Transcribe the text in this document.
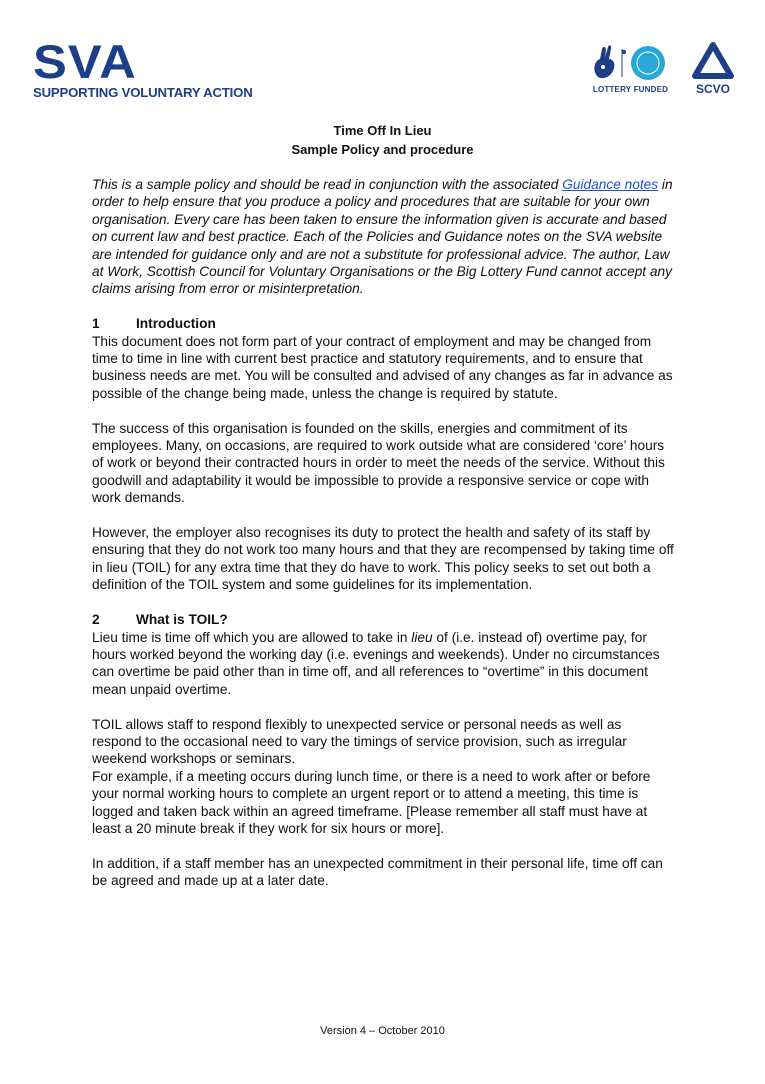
SVA
SUPPORTING VOLUNTARY ACTION	LOTTERY FUNDED	SCVO
Time Off In Lieu
Sample Policy and procedure

This is a sample policy and should be read in conjunction with the associated Guidance notes in order to help ensure that you produce a policy and procedures that are suitable for your own organisation. Every care has been taken to ensure the information given is accurate and based on current law and best practice. Each of the Policies and Guidance notes on the SVA website are intended for guidance only and are not a substitute for professional advice. The author, Law at Work, Scottish Council for Voluntary Organisations or the Big Lottery Fund cannot accept any claims arising from error or misinterpretation.

1	Introduction

This document does not form part of your contract of employment and may be changed from time to time in line with current best practice and statutory requirements, and to ensure that business needs are met. You will be consulted and advised of any changes as far in advance as possible of the change being made, unless the change is required by statute.

The success of this organisation is founded on the skills, energies and commitment of its employees. Many, on occasions, are required to work outside what are considered ‘core’ hours of work or beyond their contracted hours in order to meet the needs of the service. Without this goodwill and adaptability it would be impossible to provide a responsive service or cope with work demands.

However, the employer also recognises its duty to protect the health and safety of its staff by ensuring that they do not work too many hours and that they are recompensed by taking time off in lieu (TOIL) for any extra time that they do have to work. This policy seeks to set out both a definition of the TOIL system and some guidelines for its implementation.

2	What is TOIL?

Lieu time is time off which you are allowed to take in lieu of (i.e. instead of) overtime pay, for hours worked beyond the working day (i.e. evenings and weekends). Under no circumstances can overtime be paid other than in time off, and all references to “overtime” in this document mean unpaid overtime.

TOIL allows staff to respond flexibly to unexpected service or personal needs as well as respond to the occasional need to vary the timings of service provision, such as irregular weekend workshops or seminars.

For example, if a meeting occurs during lunch time, or there is a need to work after or before your normal working hours to complete an urgent report or to attend a meeting, this time is logged and taken back within an agreed timeframe. [Please remember all staff must have at least a 20 minute break if they work for six hours or more].

In addition, if a staff member has an unexpected commitment in their personal life, time off can be agreed and made up at a later date.

Version 4 – October 2010
